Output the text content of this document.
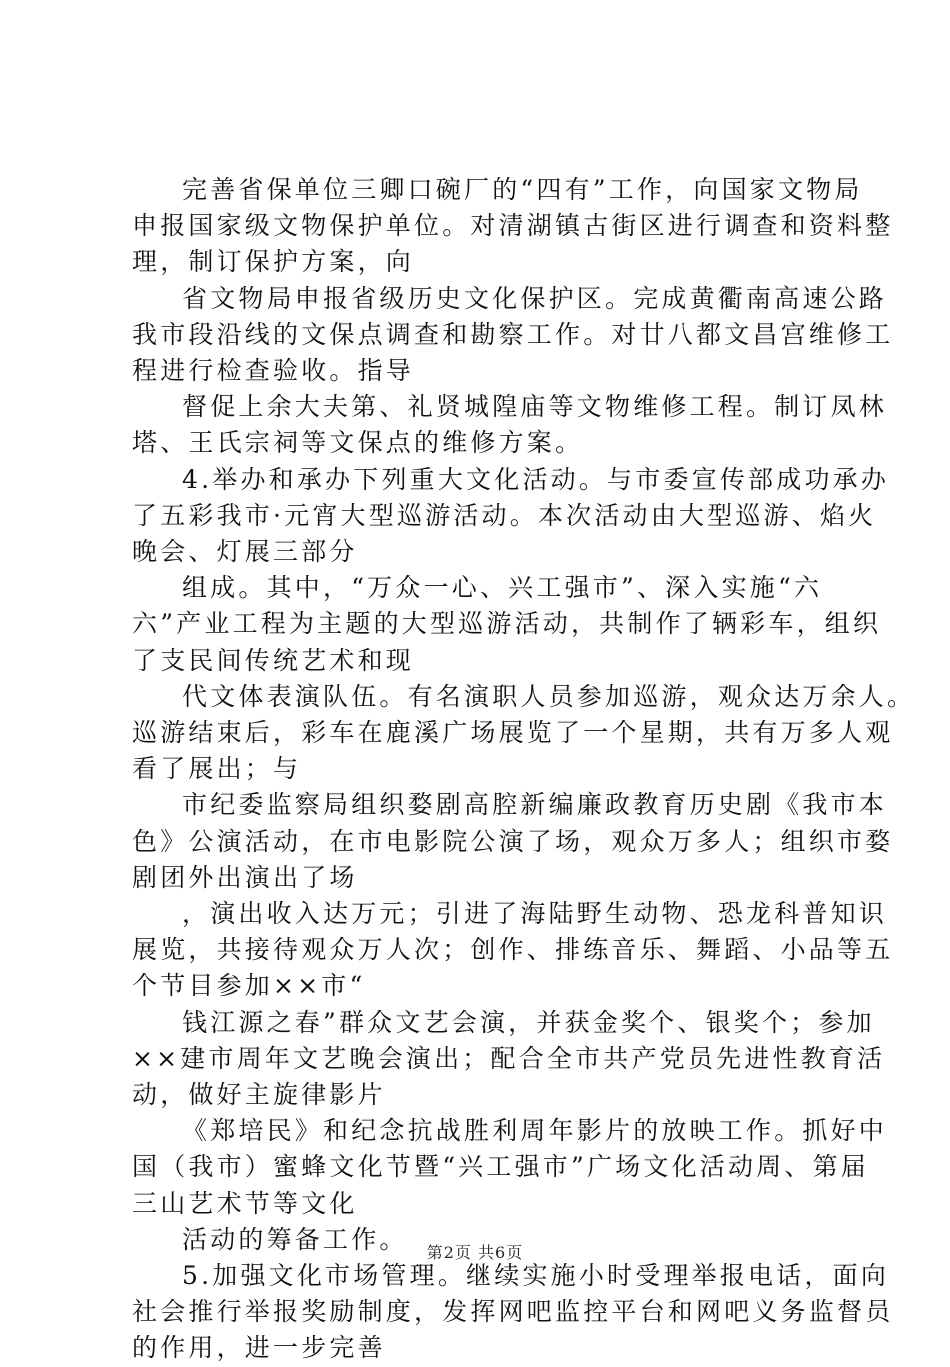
完善省保单位三卿口碗厂的“四有”工作，向国家文物局
申报国家级文物保护单位。对清湖镇古街区进行调查和资料整
理，制订保护方案，向
省文物局申报省级历史文化保护区。完成黄衢南高速公路
我市段沿线的文保点调查和勘察工作。对廿八都文昌宫维修工
程进行检查验收。指导
督促上余大夫第、礼贤城隍庙等文物维修工程。制订凤林
塔、王氏宗祠等文保点的维修方案。
4.举办和承办下列重大文化活动。与市委宣传部成功承办
了五彩我市·元宵大型巡游活动。本次活动由大型巡游、焰火
晚会、灯展三部分
组成。其中，“万众一心、兴工强市”、深入实施“六
六”产业工程为主题的大型巡游活动，共制作了辆彩车，组织
了支民间传统艺术和现
代文体表演队伍。有名演职人员参加巡游，观众达万余人。
巡游结束后，彩车在鹿溪广场展览了一个星期，共有万多人观
看了展出；与
市纪委监察局组织婺剧高腔新编廉政教育历史剧《我市本
色》公演活动，在市电影院公演了场，观众万多人；组织市婺
剧团外出演出了场
，演出收入达万元；引进了海陆野生动物、恐龙科普知识
展览，共接待观众万人次；创作、排练音乐、舞蹈、小品等五
个节目参加××市“
钱江源之春”群众文艺会演，并获金奖个、银奖个；参加
××建市周年文艺晚会演出；配合全市共产党员先进性教育活
动，做好主旋律影片
《郑培民》和纪念抗战胜利周年影片的放映工作。抓好中
国（我市）蜜蜂文化节暨“兴工强市”广场文化活动周、第届
三山艺术节等文化
活动的筹备工作。
5.加强文化市场管理。继续实施小时受理举报电话，面向
社会推行举报奖励制度，发挥网吧监控平台和网吧义务监督员
的作用，进一步完善
第2页 共6页
